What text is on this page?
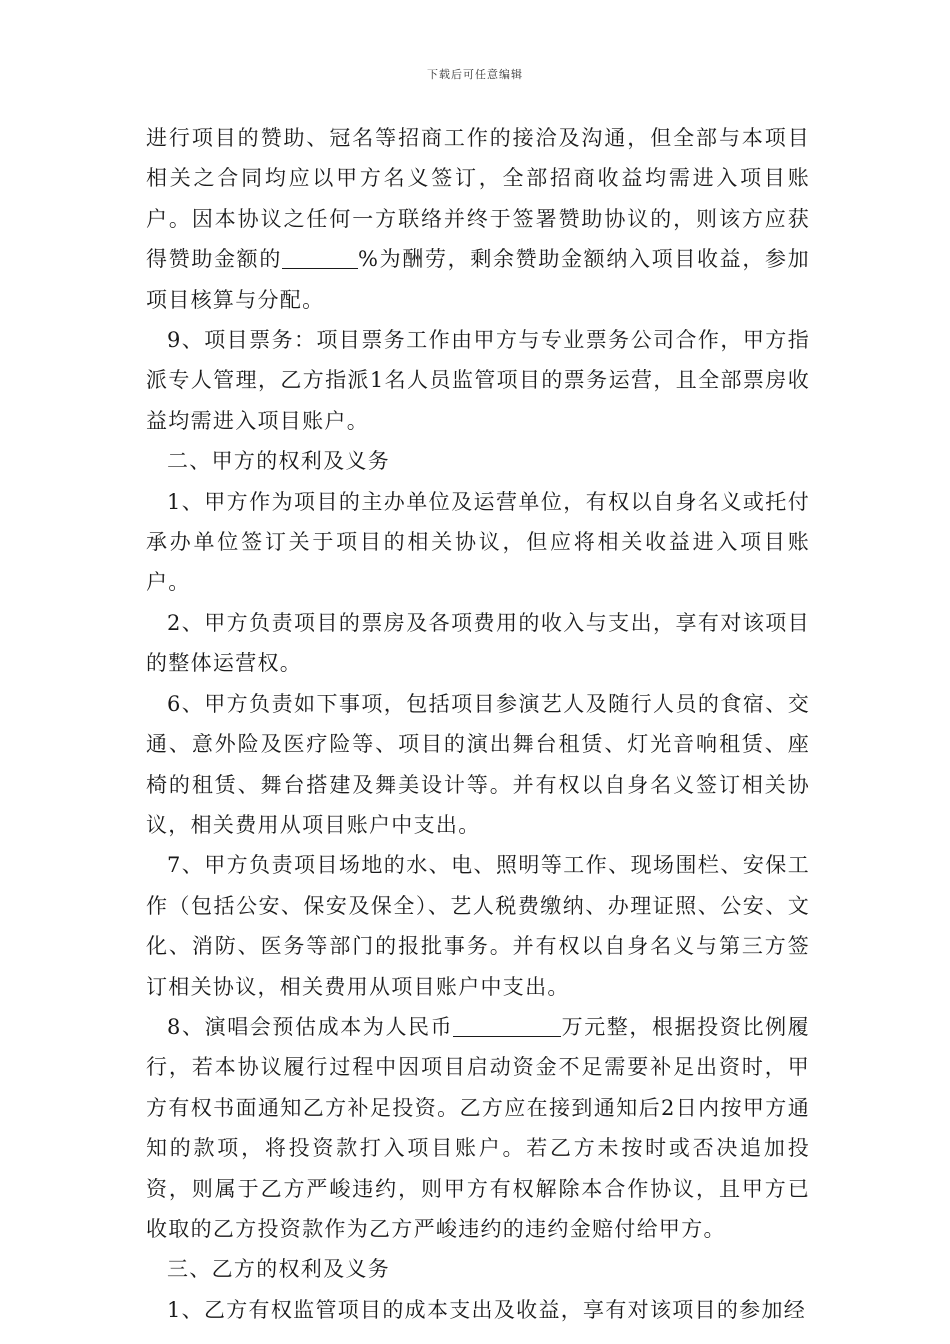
下载后可任意编辑

进行项目的赞助、冠名等招商工作的接洽及沟通，但全部与本项目相关之合同均应以甲方名义签订，全部招商收益均需进入项目账户。因本协议之任何一方联络并终于签署赞助协议的，则该方应获得赞助金额的	%为酬劳，剩余赞助金额纳入项目收益，参加项目核算与分配。

9、项目票务：项目票务工作由甲方与专业票务公司合作，甲方指派专人管理，乙方指派1名人员监管项目的票务运营，且全部票房收益均需进入项目账户。

二、甲方的权利及义务

1、甲方作为项目的主办单位及运营单位，有权以自身名义或托付承办单位签订关于项目的相关协议，但应将相关收益进入项目账户。

2、甲方负责项目的票房及各项费用的收入与支出，享有对该项目的整体运营权。

6、甲方负责如下事项，包括项目参演艺人及随行人员的食宿、交通、意外险及医疗险等、项目的演出舞台租赁、灯光音响租赁、座椅的租赁、舞台搭建及舞美设计等。并有权以自身名义签订相关协议，相关费用从项目账户中支出。

7、甲方负责项目场地的水、电、照明等工作、现场围栏、安保工作（包括公安、保安及保全）、艺人税费缴纳、办理证照、公安、文化、消防、医务等部门的报批事务。并有权以自身名义与第三方签订相关协议，相关费用从项目账户中支出。

8、演唱会预估成本为人民币	万元整，根据投资比例履行，若本协议履行过程中因项目启动资金不足需要补足出资时，甲方有权书面通知乙方补足投资。乙方应在接到通知后2日内按甲方通知的款项，将投资款打入项目账户。若乙方未按时或否决追加投资，则属于乙方严峻违约，则甲方有权解除本合作协议，且甲方已收取的乙方投资款作为乙方严峻违约的违约金赔付给甲方。

三、乙方的权利及义务

1、乙方有权监管项目的成本支出及收益，享有对该项目的参加经
